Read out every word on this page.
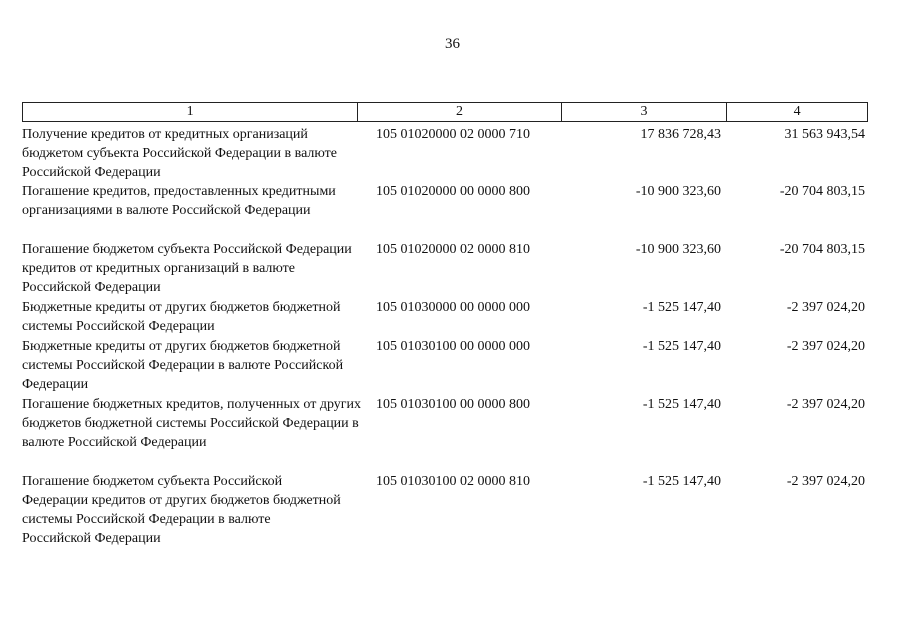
36
1	2	3	4
Получение кредитов от кредитных организаций бюджетом субъекта Российской Федерации в валюте Российской Федерации
105 01020000 02 0000 710	17 836 728,43	31 563 943,54
Погашение кредитов, предоставленных кредитными организациями в валюте Российской Федерации
105 01020000 00 0000 800	-10 900 323,60	-20 704 803,15
Погашение бюджетом субъекта Российской Федерации кредитов от кредитных организаций в валюте Российской Федерации
105 01020000 02 0000 810	-10 900 323,60	-20 704 803,15
Бюджетные кредиты от других бюджетов бюджетной системы Российской Федерации
105 01030000 00 0000 000	-1 525 147,40	-2 397 024,20
Бюджетные кредиты от других бюджетов бюджетной системы Российской Федерации в валюте Российской Федерации
105 01030100 00 0000 000	-1 525 147,40	-2 397 024,20
Погашение бюджетных кредитов, полученных от других бюджетов бюджетной системы Российской Федерации в валюте Российской Федерации
105 01030100 00 0000 800	-1 525 147,40	-2 397 024,20
Погашение бюджетом субъекта Российской Федерации кредитов от других бюджетов бюджетной системы Российской Федерации в валюте Российской Федерации
105 01030100 02 0000 810	-1 525 147,40	-2 397 024,20
